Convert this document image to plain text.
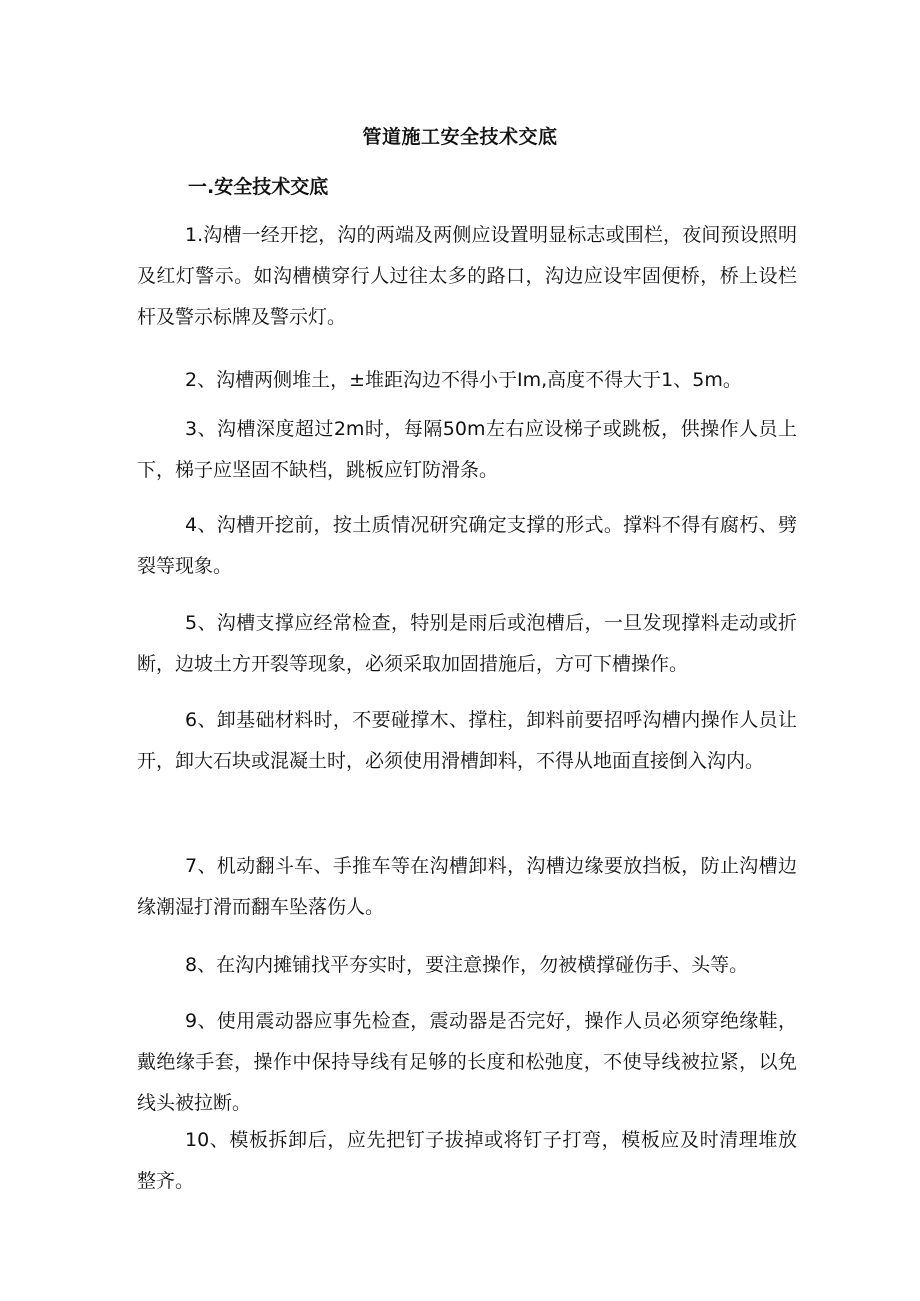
管道施工安全技术交底
一.安全技术交底

1.沟槽一经开挖，沟的两端及两侧应设置明显标志或围栏，夜间预设照明及红灯警示。如沟槽横穿行人过往太多的路口，沟边应设牢固便桥，桥上设栏杆及警示标牌及警示灯。

2、沟槽两侧堆土，±堆距沟边不得小于Im,高度不得大于1、5m。

3、沟槽深度超过2m时，每隔50m左右应设梯子或跳板，供操作人员上下，梯子应坚固不缺档，跳板应钉防滑条。

4、沟槽开挖前，按土质情况研究确定支撑的形式。撑料不得有腐朽、劈裂等现象。

5、沟槽支撑应经常检查，特别是雨后或泡槽后，一旦发现撑料走动或折断，边坡土方开裂等现象，必须采取加固措施后，方可下槽操作。

6、卸基础材料时，不要碰撑木、撑柱，卸料前要招呼沟槽内操作人员让开，卸大石块或混凝土时，必须使用滑槽卸料，不得从地面直接倒入沟内。

7、机动翻斗车、手推车等在沟槽卸料，沟槽边缘要放挡板，防止沟槽边缘潮湿打滑而翻车坠落伤人。

8、在沟内摊铺找平夯实时，要注意操作，勿被横撑碰伤手、头等。

9、使用震动器应事先检查，震动器是否完好，操作人员必须穿绝缘鞋，戴绝缘手套，操作中保持导线有足够的长度和松弛度，不使导线被拉紧，以免线头被拉断。

10、模板拆卸后，应先把钉子拔掉或将钉子打弯，模板应及时清理堆放整齐。
